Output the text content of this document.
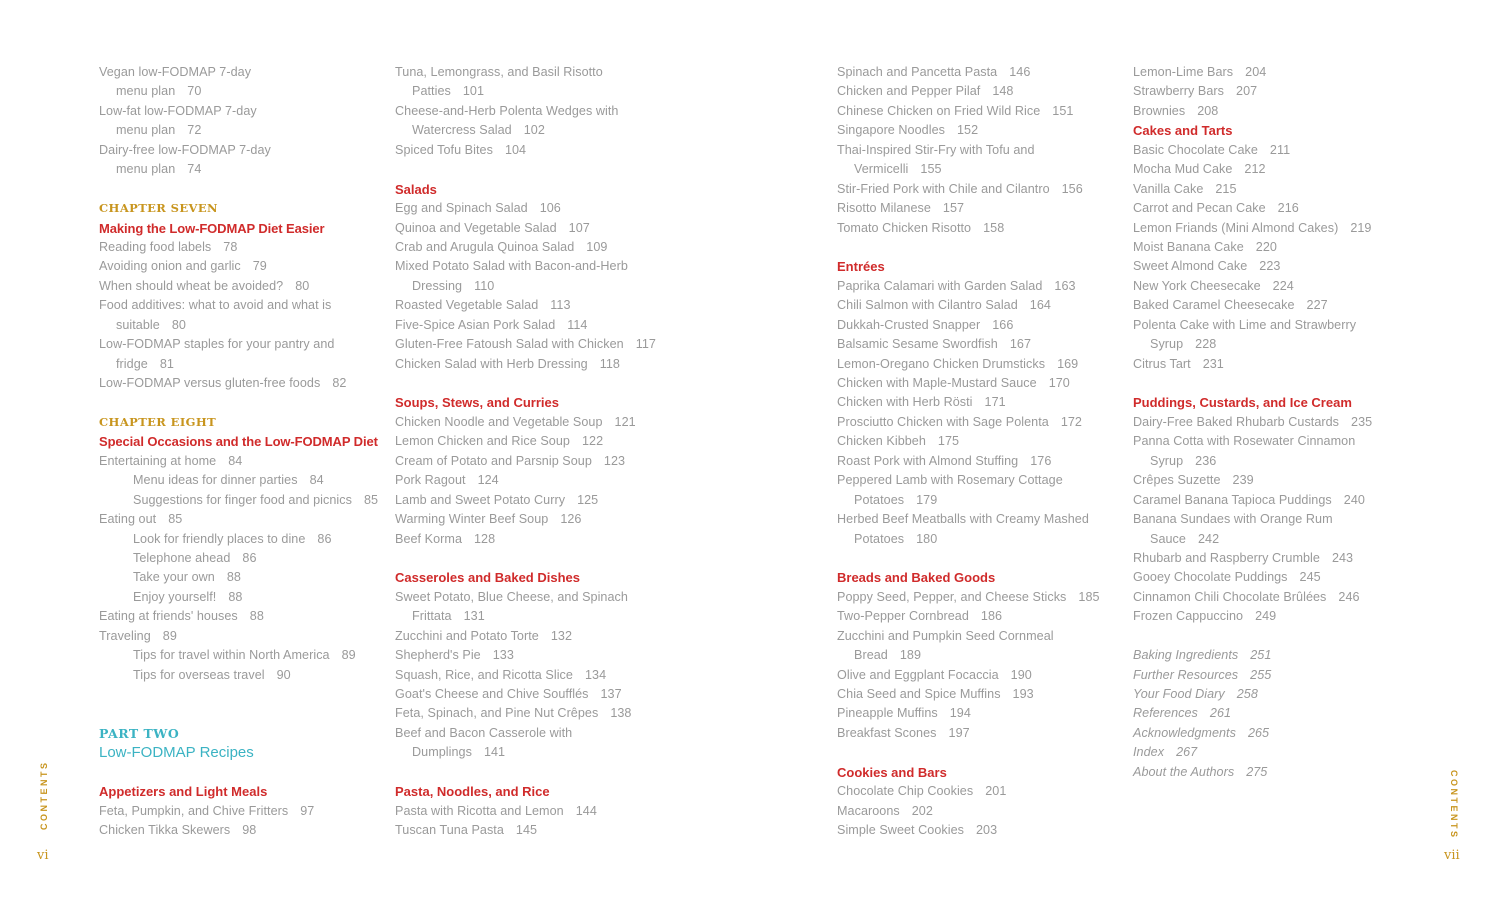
Vegan low-FODMAP 7-day
menu plan 70
Low-fat low-FODMAP 7-day
menu plan 72
Dairy-free low-FODMAP 7-day
menu plan 74
CHAPTER SEVEN
Making the Low-FODMAP Diet Easier
Reading food labels 78
Avoiding onion and garlic 79
When should wheat be avoided? 80
Food additives: what to avoid and what is
suitable 80
Low-FODMAP staples for your pantry and
fridge 81
Low-FODMAP versus gluten-free foods 82
CHAPTER EIGHT
Special Occasions and the Low-FODMAP Diet
Entertaining at home 84
Menu ideas for dinner parties 84
Suggestions for finger food and picnics 85
Eating out 85
Look for friendly places to dine 86
Telephone ahead 86
Take your own 88
Enjoy yourself! 88
Eating at friends' houses 88
Traveling 89
Tips for travel within North America 89
Tips for overseas travel 90
PART TWO
Low-FODMAP Recipes
Appetizers and Light Meals
Feta, Pumpkin, and Chive Fritters 97
Chicken Tikka Skewers 98
Tuna, Lemongrass, and Basil Risotto
Patties 101
Cheese-and-Herb Polenta Wedges with
Watercress Salad 102
Spiced Tofu Bites 104
Salads
Egg and Spinach Salad 106
Quinoa and Vegetable Salad 107
Crab and Arugula Quinoa Salad 109
Mixed Potato Salad with Bacon-and-Herb
Dressing 110
Roasted Vegetable Salad 113
Five-Spice Asian Pork Salad 114
Gluten-Free Fatoush Salad with Chicken 117
Chicken Salad with Herb Dressing 118
Soups, Stews, and Curries
Chicken Noodle and Vegetable Soup 121
Lemon Chicken and Rice Soup 122
Cream of Potato and Parsnip Soup 123
Pork Ragout 124
Lamb and Sweet Potato Curry 125
Warming Winter Beef Soup 126
Beef Korma 128
Casseroles and Baked Dishes
Sweet Potato, Blue Cheese, and Spinach
Frittata 131
Zucchini and Potato Torte 132
Shepherd's Pie 133
Squash, Rice, and Ricotta Slice 134
Goat's Cheese and Chive Soufflés 137
Feta, Spinach, and Pine Nut Crêpes 138
Beef and Bacon Casserole with
Dumplings 141
Pasta, Noodles, and Rice
Pasta with Ricotta and Lemon 144
Tuscan Tuna Pasta 145
Spinach and Pancetta Pasta 146
Chicken and Pepper Pilaf 148
Chinese Chicken on Fried Wild Rice 151
Singapore Noodles 152
Thai-Inspired Stir-Fry with Tofu and
Vermicelli 155
Stir-Fried Pork with Chile and Cilantro 156
Risotto Milanese 157
Tomato Chicken Risotto 158
Entrées
Paprika Calamari with Garden Salad 163
Chili Salmon with Cilantro Salad 164
Dukkah-Crusted Snapper 166
Balsamic Sesame Swordfish 167
Lemon-Oregano Chicken Drumsticks 169
Chicken with Maple-Mustard Sauce 170
Chicken with Herb Rösti 171
Prosciutto Chicken with Sage Polenta 172
Chicken Kibbeh 175
Roast Pork with Almond Stuffing 176
Peppered Lamb with Rosemary Cottage
Potatoes 179
Herbed Beef Meatballs with Creamy Mashed
Potatoes 180
Breads and Baked Goods
Poppy Seed, Pepper, and Cheese Sticks 185
Two-Pepper Cornbread 186
Zucchini and Pumpkin Seed Cornmeal
Bread 189
Olive and Eggplant Focaccia 190
Chia Seed and Spice Muffins 193
Pineapple Muffins 194
Breakfast Scones 197
Cookies and Bars
Chocolate Chip Cookies 201
Macaroons 202
Simple Sweet Cookies 203
Lemon-Lime Bars 204
Strawberry Bars 207
Brownies 208
Cakes and Tarts
Basic Chocolate Cake 211
Mocha Mud Cake 212
Vanilla Cake 215
Carrot and Pecan Cake 216
Lemon Friands (Mini Almond Cakes) 219
Moist Banana Cake 220
Sweet Almond Cake 223
New York Cheesecake 224
Baked Caramel Cheesecake 227
Polenta Cake with Lime and Strawberry
Syrup 228
Citrus Tart 231
Puddings, Custards, and Ice Cream
Dairy-Free Baked Rhubarb Custards 235
Panna Cotta with Rosewater Cinnamon
Syrup 236
Crêpes Suzette 239
Caramel Banana Tapioca Puddings 240
Banana Sundaes with Orange Rum
Sauce 242
Rhubarb and Raspberry Crumble 243
Gooey Chocolate Puddings 245
Cinnamon Chili Chocolate Brûlées 246
Frozen Cappuccino 249
Baking Ingredients 251
Further Resources 255
Your Food Diary 258
References 261
Acknowledgments 265
Index 267
About the Authors 275
CONTENTS	CONTENTS
vi	vii
